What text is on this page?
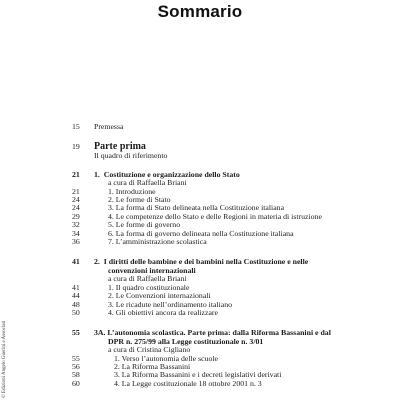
Sommario
© Edizioni Angelo Guerini e Associati
15	Premessa
19	Parte prima
Il quadro di riferimento
21	1. Costituzione e organizzazione dello Stato
a cura di Raffaella Briani
21	1. Introduzione
24	2. Le forme di Stato
24	3. La forma di Stato delineata nella Costituzione italiana
29	4. Le competenze dello Stato e delle Regioni in materia di istruzione
32	5. Le forme di governo
34	6. La forma di governo delineata nella Costituzione italiana
36	7. L’amministrazione scolastica
41	2. I diritti delle bambine e dei bambini nella Costituzione e nelle
convenzioni internazionali
a cura di Raffaella Briani
41	1. Il quadro costituzionale
44	2. Le Convenzioni internazionali
48	3. Le ricadute nell’ordinamento italiano
50	4. Gli obiettivi ancora da realizzare
55	3A. L’autonomia scolastica. Parte prima: dalla Riforma Bassanini e dal
DPR n. 275/99 alla Legge costituzionale n. 3/01
a cura di Cristina Cigliano
55	1. Verso l’autonomia delle scuole
56	2. La Riforma Bassanini
58	3. La Riforma Bassanini e i decreti legislativi derivati
60	4. La Legge costituzionale 18 ottobre 2001 n. 3
